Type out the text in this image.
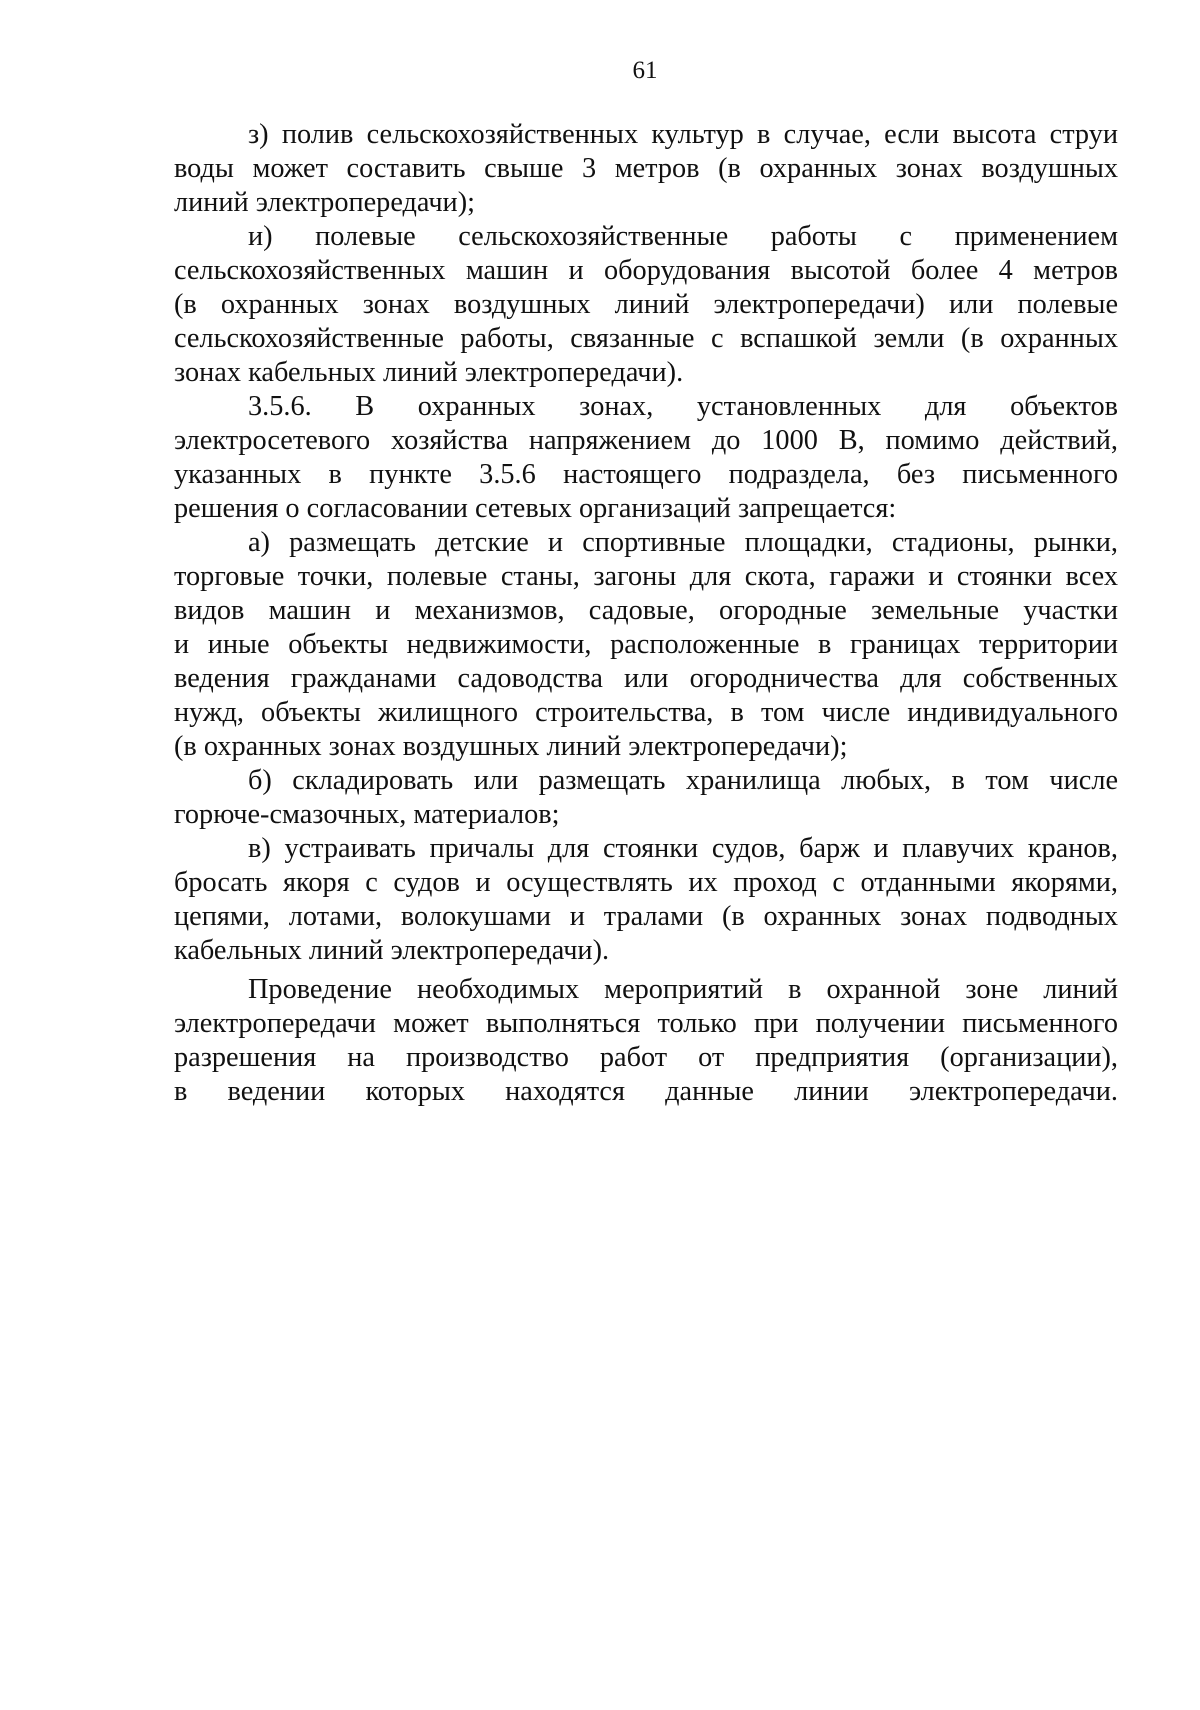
61
з) полив сельскохозяйственных культур в случае, если высота струи
воды может составить свыше 3 метров (в охранных зонах воздушных
линий электропередачи);
и) полевые сельскохозяйственные работы с применением
сельскохозяйственных машин и оборудования высотой более 4 метров
(в охранных зонах воздушных линий электропередачи) или полевые
сельскохозяйственные работы, связанные с вспашкой земли (в охранных
зонах кабельных линий электропередачи).
3.5.6. В охранных зонах, установленных для объектов
электросетевого хозяйства напряжением до 1000 В, помимо действий,
указанных в пункте 3.5.6 настоящего подраздела, без письменного
решения о согласовании сетевых организаций запрещается:
а) размещать детские и спортивные площадки, стадионы, рынки,
торговые точки, полевые станы, загоны для скота, гаражи и стоянки всех
видов машин и механизмов, садовые, огородные земельные участки
и иные объекты недвижимости, расположенные в границах территории
ведения гражданами садоводства или огородничества для собственных
нужд, объекты жилищного строительства, в том числе индивидуального
(в охранных зонах воздушных линий электропередачи);
б) складировать или размещать хранилища любых, в том числе
горюче-смазочных, материалов;
в) устраивать причалы для стоянки судов, барж и плавучих кранов,
бросать якоря с судов и осуществлять их проход с отданными якорями,
цепями, лотами, волокушами и тралами (в охранных зонах подводных
кабельных линий электропередачи).
Проведение необходимых мероприятий в охранной зоне линий
электропередачи может выполняться только при получении письменного
разрешения на производство работ от предприятия (организации),
в ведении которых находятся данные линии электропередачи.
